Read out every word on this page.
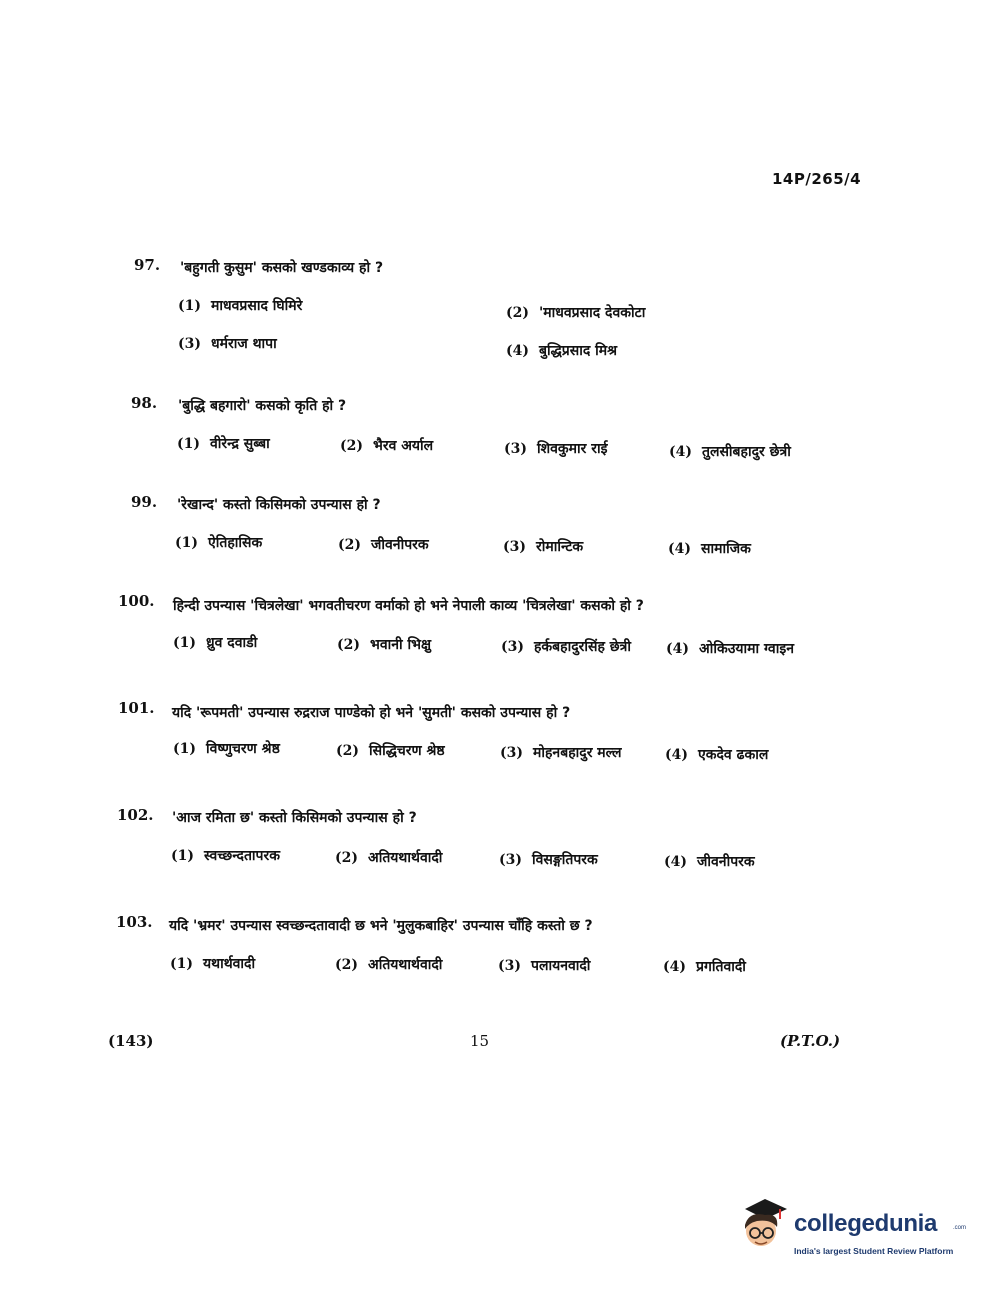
14P/265/4
97. 'बहुगती कुसुम' कसको खण्डकाव्य हो ?
(1) माधवप्रसाद घिमिरे	(2) 'माधवप्रसाद देवकोटा
(3) धर्मराज थापा	(4) बुद्धिप्रसाद मिश्र
98. 'बुद्धि बहगारो' कसको कृति हो ?
(1) वीरेन्द्र सुब्बा	(2) भैरव अर्याल	(3) शिवकुमार राई	(4) तुलसीबहादुर छेत्री
99. 'रेखान्द' कस्तो किसिमको उपन्यास हो ?
(1) ऐतिहासिक	(2) जीवनीपरक	(3) रोमान्टिक	(4) सामाजिक
100. हिन्दी उपन्यास 'चित्रलेखा' भगवतीचरण वर्माको हो भने नेपाली काव्य 'चित्रलेखा' कसको हो ?
(1) ध्रुव दवाडी	(2) भवानी भिक्षु	(3) हर्कबहादुरसिंह छेत्री	(4) ओकिउयामा ग्वाइन
101. यदि 'रूपमती' उपन्यास रुद्रराज पाण्डेको हो भने 'सुमती' कसको उपन्यास हो ?
(1) विष्णुचरण श्रेष्ठ	(2) सिद्धिचरण श्रेष्ठ	(3) मोहनबहादुर मल्ल	(4) एकदेव ढकाल
102. 'आज रमिता छ' कस्तो किसिमको उपन्यास हो ?
(1) स्वच्छन्दतापरक	(2) अतियथार्थवादी	(3) विसङ्गतिपरक	(4) जीवनीपरक
103. यदि 'भ्रमर' उपन्यास स्वच्छन्दतावादी छ भने 'मुलुकबाहिर' उपन्यास चाँहि कस्तो छ ?
(1) यथार्थवादी	(2) अतियथार्थवादी	(3) पलायनवादी	(4) प्रगतिवादी
(143)	15	(P.T.O.)
collegedunia	.com
India's largest Student Review Platform
